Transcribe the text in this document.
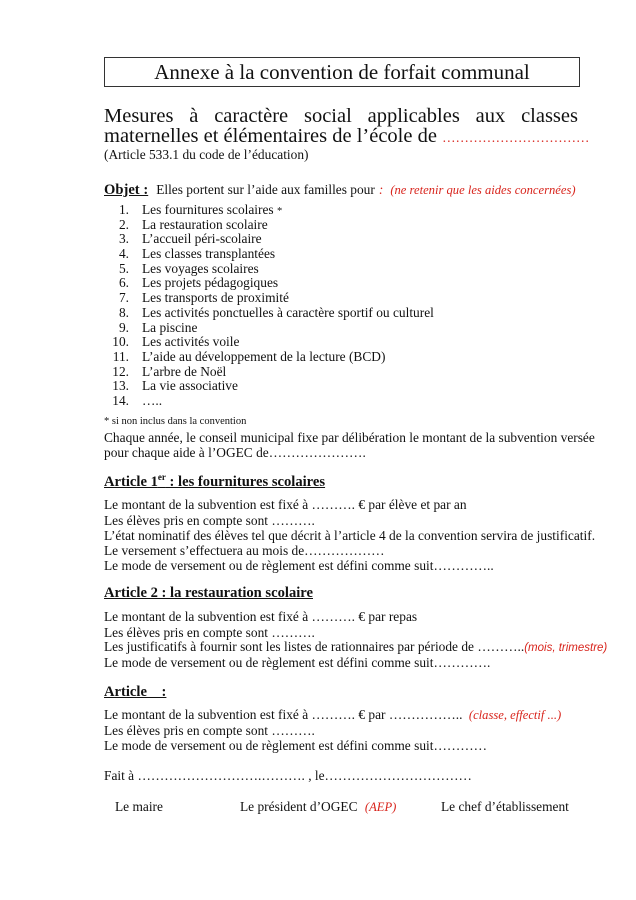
Annexe à la convention de forfait communal
Mesures à caractère social applicables aux classes
maternelles et élémentaires de l’école de ……………………………
(Article 533.1 du code de l’éducation)
Objet : Elles portent sur l’aide aux familles pour : (ne retenir que les aides concernées)
1. Les fournitures scolaires *
2. La restauration scolaire
3. L’accueil péri-scolaire
4. Les classes transplantées
5. Les voyages scolaires
6. Les projets pédagogiques
7. Les transports de proximité
8. Les activités ponctuelles à caractère sportif ou culturel
9. La piscine
10. Les activités voile
11. L’aide au développement de la lecture (BCD)
12. L’arbre de Noël
13. La vie associative
14. …..
* si non inclus dans la convention
Chaque année, le conseil municipal fixe par délibération le montant de la subvention versée
pour chaque aide à l’OGEC de………………….
Article 1er : les fournitures scolaires
Le montant de la subvention est fixé à ………. € par élève et par an
Les élèves pris en compte sont ……….
L’état nominatif des élèves tel que décrit à l’article 4 de la convention servira de justificatif.
Le versement s’effectuera au mois de………………
Le mode de versement ou de règlement est défini comme suit…………..
Article 2 : la restauration scolaire
Le montant de la subvention est fixé à ………. € par repas
Les élèves pris en compte sont ……….
Les justificatifs à fournir sont les listes de rationnaires par période de ………..(mois, trimestre)
Le mode de versement ou de règlement est défini comme suit………….
Article    :
Le montant de la subvention est fixé à ………. € par …………….. (classe, effectif ...)
Les élèves pris en compte sont ……….
Le mode de versement ou de règlement est défini comme suit…………
Fait à ……………………….………. , le……………………………
Le maire	Le président d’OGEC (AEP)	Le chef d’établissement
